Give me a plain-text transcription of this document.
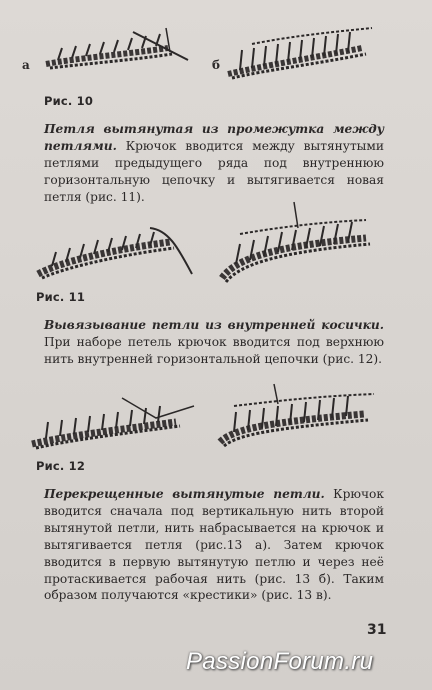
а	б
Рис. 10

Петля вытянутая из промежутка между петлями. Крючок вводится между вытянутыми петлями предыдущего ряда под внутреннюю горизонтальную цепочку и вытягивается новая петля (рис. 11).

Рис. 11

Вывязывание петли из внутренней косички. При наборе петель крючок вводится под верхнюю нить внутренней горизонтальной цепочки (рис. 12).

Рис. 12

Перекрещенные вытянутые петли. Крючок вводится сначала под вертикальную нить второй вытянутой петли, нить набрасывается на крючок и вытягивается петля (рис.13 а). Затем крючок вводится в первую вытянутую петлю и через неё протаскивается рабочая нить (рис. 13 б). Таким образом получаются «крестики» (рис. 13 в).

31
PassionForum.ru
